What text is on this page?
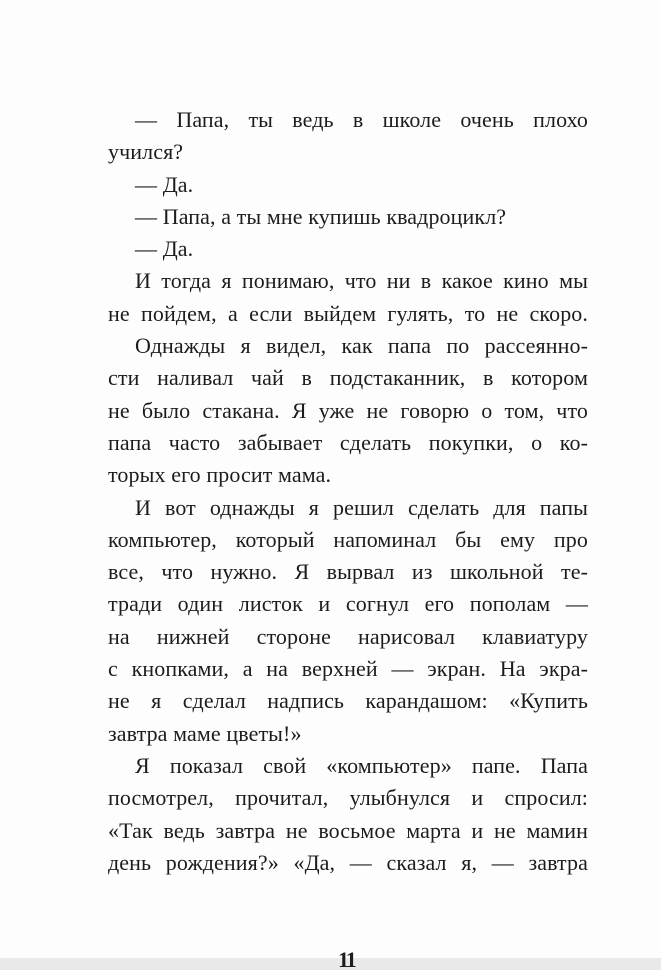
— Папа, ты ведь в школе очень плохо
учился?
— Да.
— Папа, а ты мне купишь квадроцикл?
— Да.
И тогда я понимаю, что ни в какое кино мы
не пойдем, а если выйдем гулять, то не скоро.
Однажды я видел, как папа по рассеянно-
сти наливал чай в подстаканник, в котором
не было стакана. Я уже не говорю о том, что
папа часто забывает сделать покупки, о ко-
торых его просит мама.
И вот однажды я решил сделать для папы
компьютер, который напоминал бы ему про
все, что нужно. Я вырвал из школьной те-
тради один листок и согнул его пополам —
на нижней стороне нарисовал клавиатуру
с кнопками, а на верхней — экран. На экра-
не я сделал надпись карандашом: «Купить
завтра маме цветы!»
Я показал свой «компьютер» папе. Папа
посмотрел, прочитал, улыбнулся и спросил:
«Так ведь завтра не восьмое марта и не мамин
день рождения?» «Да, — сказал я, — завтра
11
